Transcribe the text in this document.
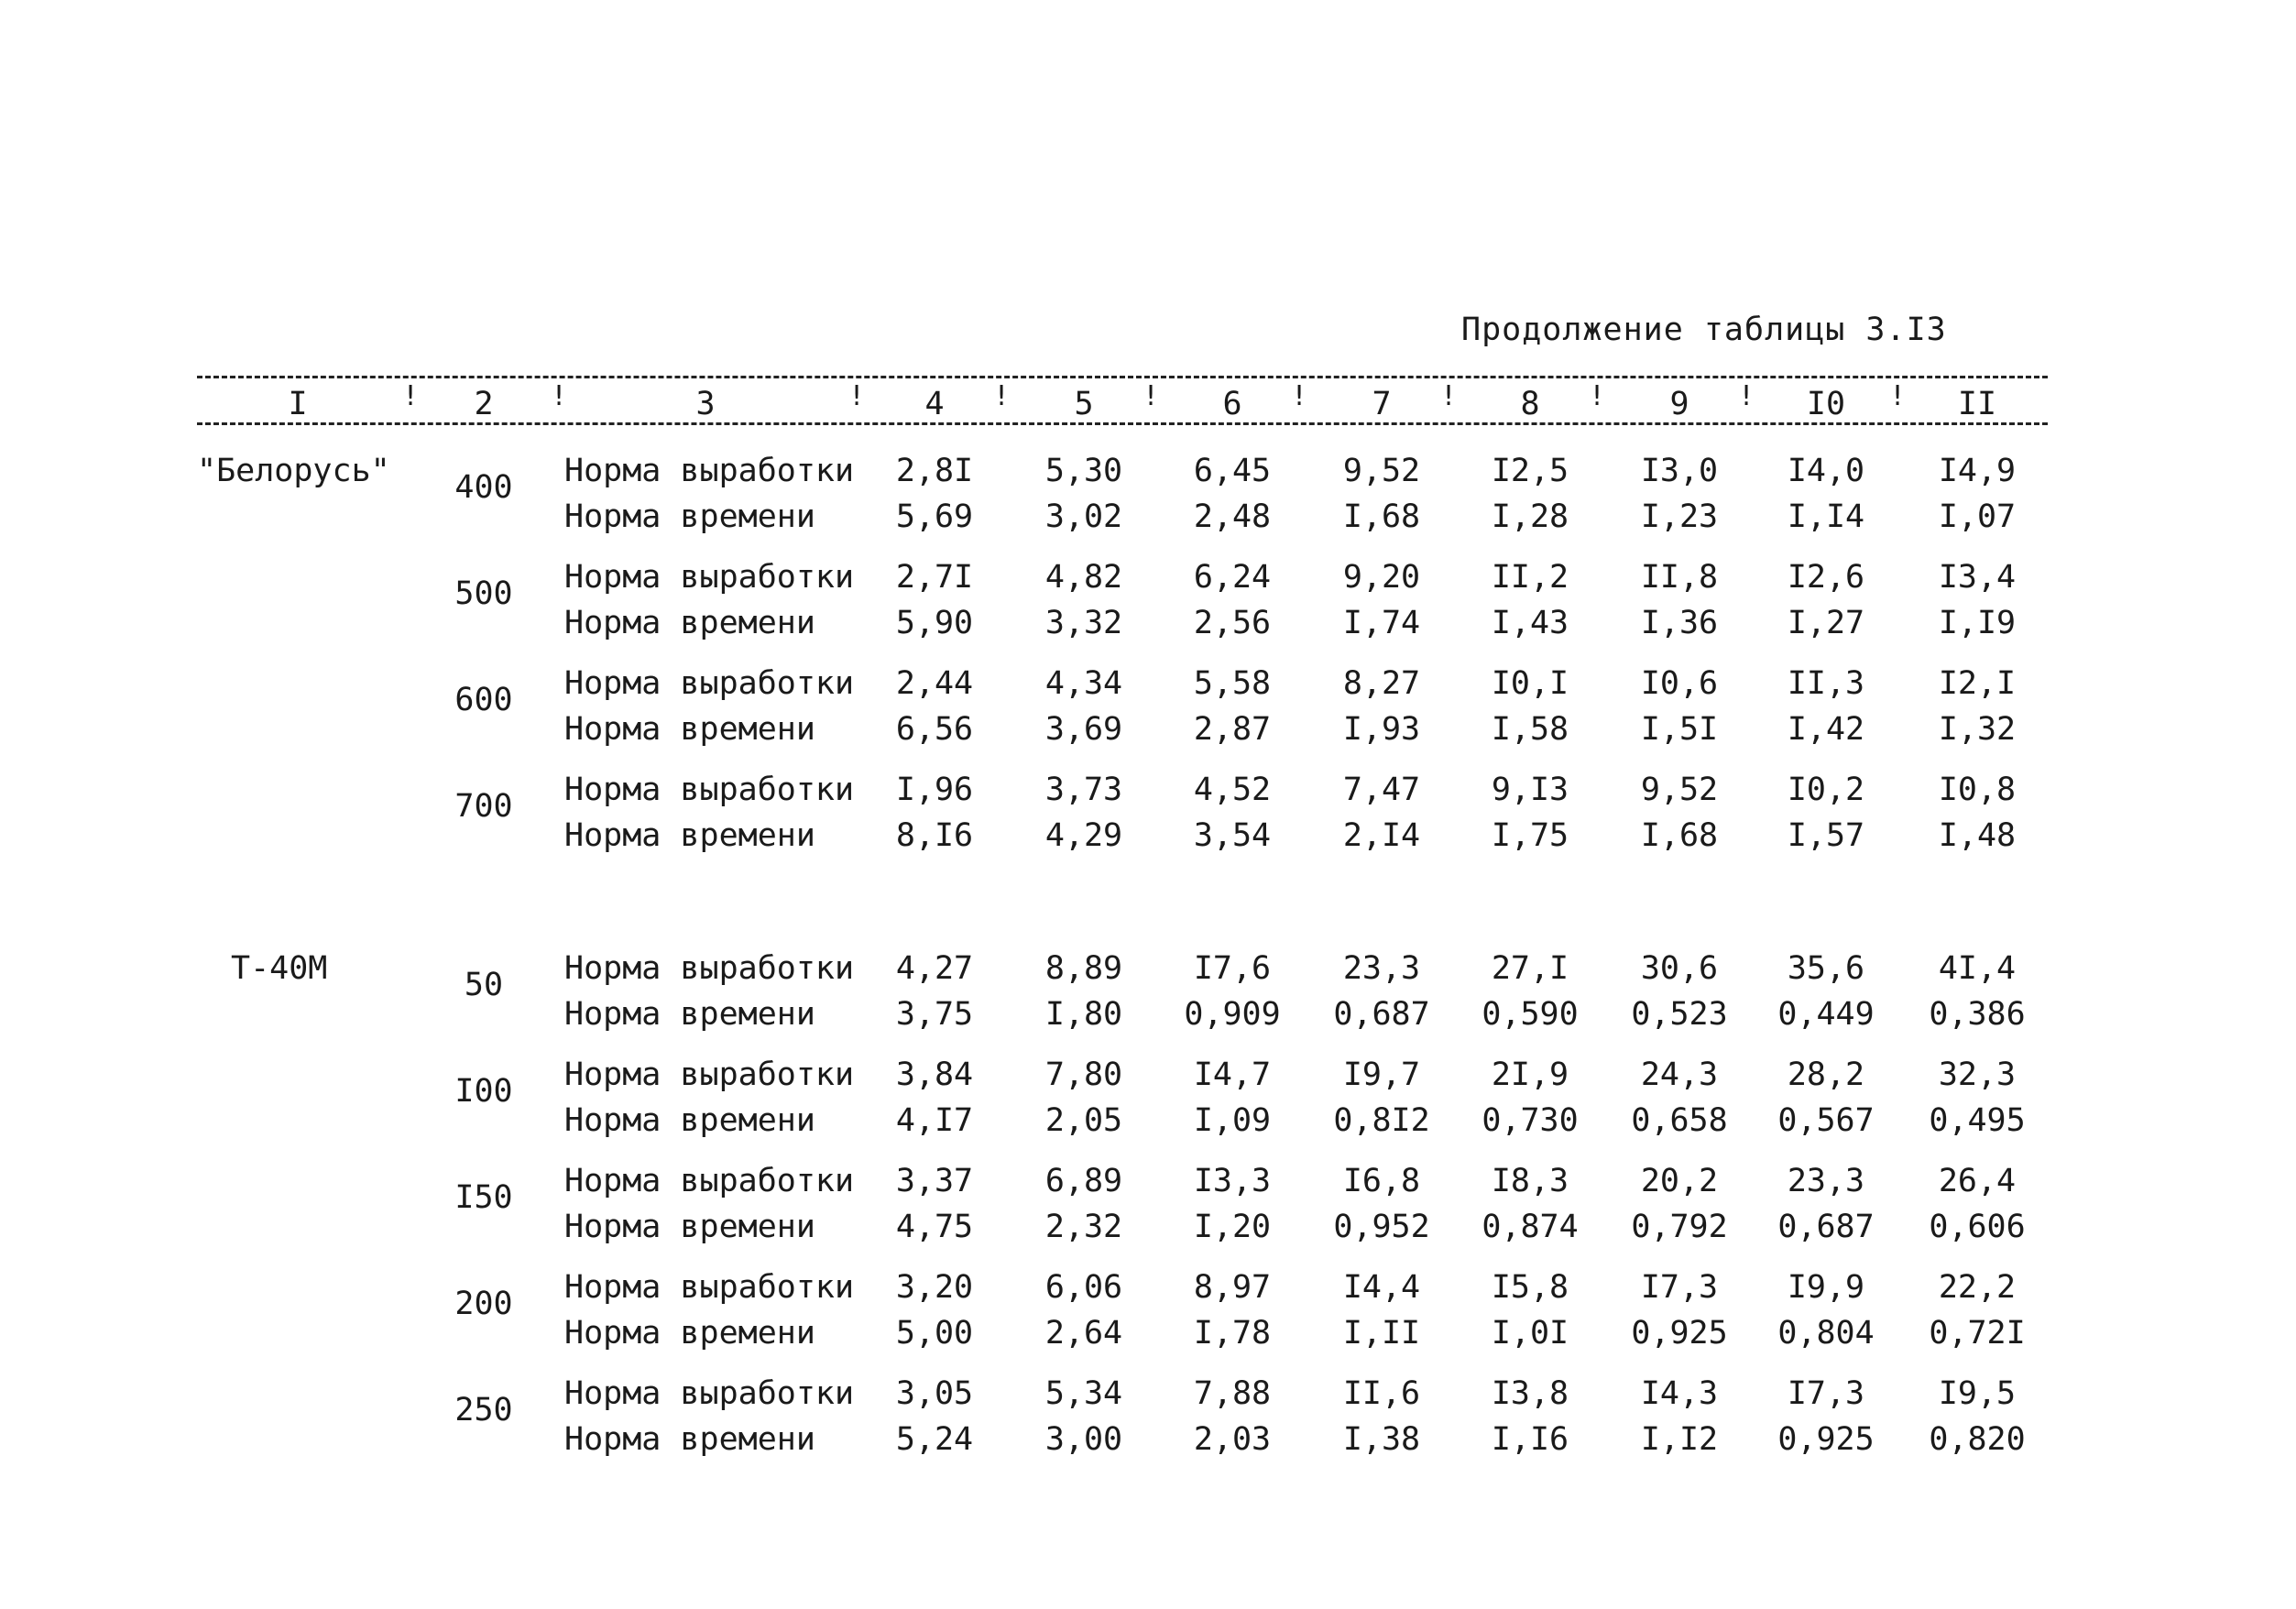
Продолжение таблицы 3.I3
I	2	3	4	5	6	7	8	9	I0	II
!	!	!	!	!	!	!	!	!	!
"Белорусь"	400	Норма выработки	2,8I	5,30	6,45	9,52	I2,5	I3,0	I4,0	I4,9
Норма времени	5,69	3,02	2,48	I,68	I,28	I,23	I,I4	I,07
500	Норма выработки	2,7I	4,82	6,24	9,20	II,2	II,8	I2,6	I3,4
Норма времени	5,90	3,32	2,56	I,74	I,43	I,36	I,27	I,I9
600	Норма выработки	2,44	4,34	5,58	8,27	I0,I	I0,6	II,3	I2,I
Норма времени	6,56	3,69	2,87	I,93	I,58	I,5I	I,42	I,32
700	Норма выработки	I,96	3,73	4,52	7,47	9,I3	9,52	I0,2	I0,8
Норма времени	8,I6	4,29	3,54	2,I4	I,75	I,68	I,57	I,48
Т-40М	50	Норма выработки	4,27	8,89	I7,6	23,3	27,I	30,6	35,6	4I,4
Норма времени	3,75	I,80	0,909	0,687	0,590	0,523	0,449	0,386
I00	Норма выработки	3,84	7,80	I4,7	I9,7	2I,9	24,3	28,2	32,3
Норма времени	4,I7	2,05	I,09	0,8I2	0,730	0,658	0,567	0,495
I50	Норма выработки	3,37	6,89	I3,3	I6,8	I8,3	20,2	23,3	26,4
Норма времени	4,75	2,32	I,20	0,952	0,874	0,792	0,687	0,606
200	Норма выработки	3,20	6,06	8,97	I4,4	I5,8	I7,3	I9,9	22,2
Норма времени	5,00	2,64	I,78	I,II	I,0I	0,925	0,804	0,72I
250	Норма выработки	3,05	5,34	7,88	II,6	I3,8	I4,3	I7,3	I9,5
Норма времени	5,24	3,00	2,03	I,38	I,I6	I,I2	0,925	0,820
